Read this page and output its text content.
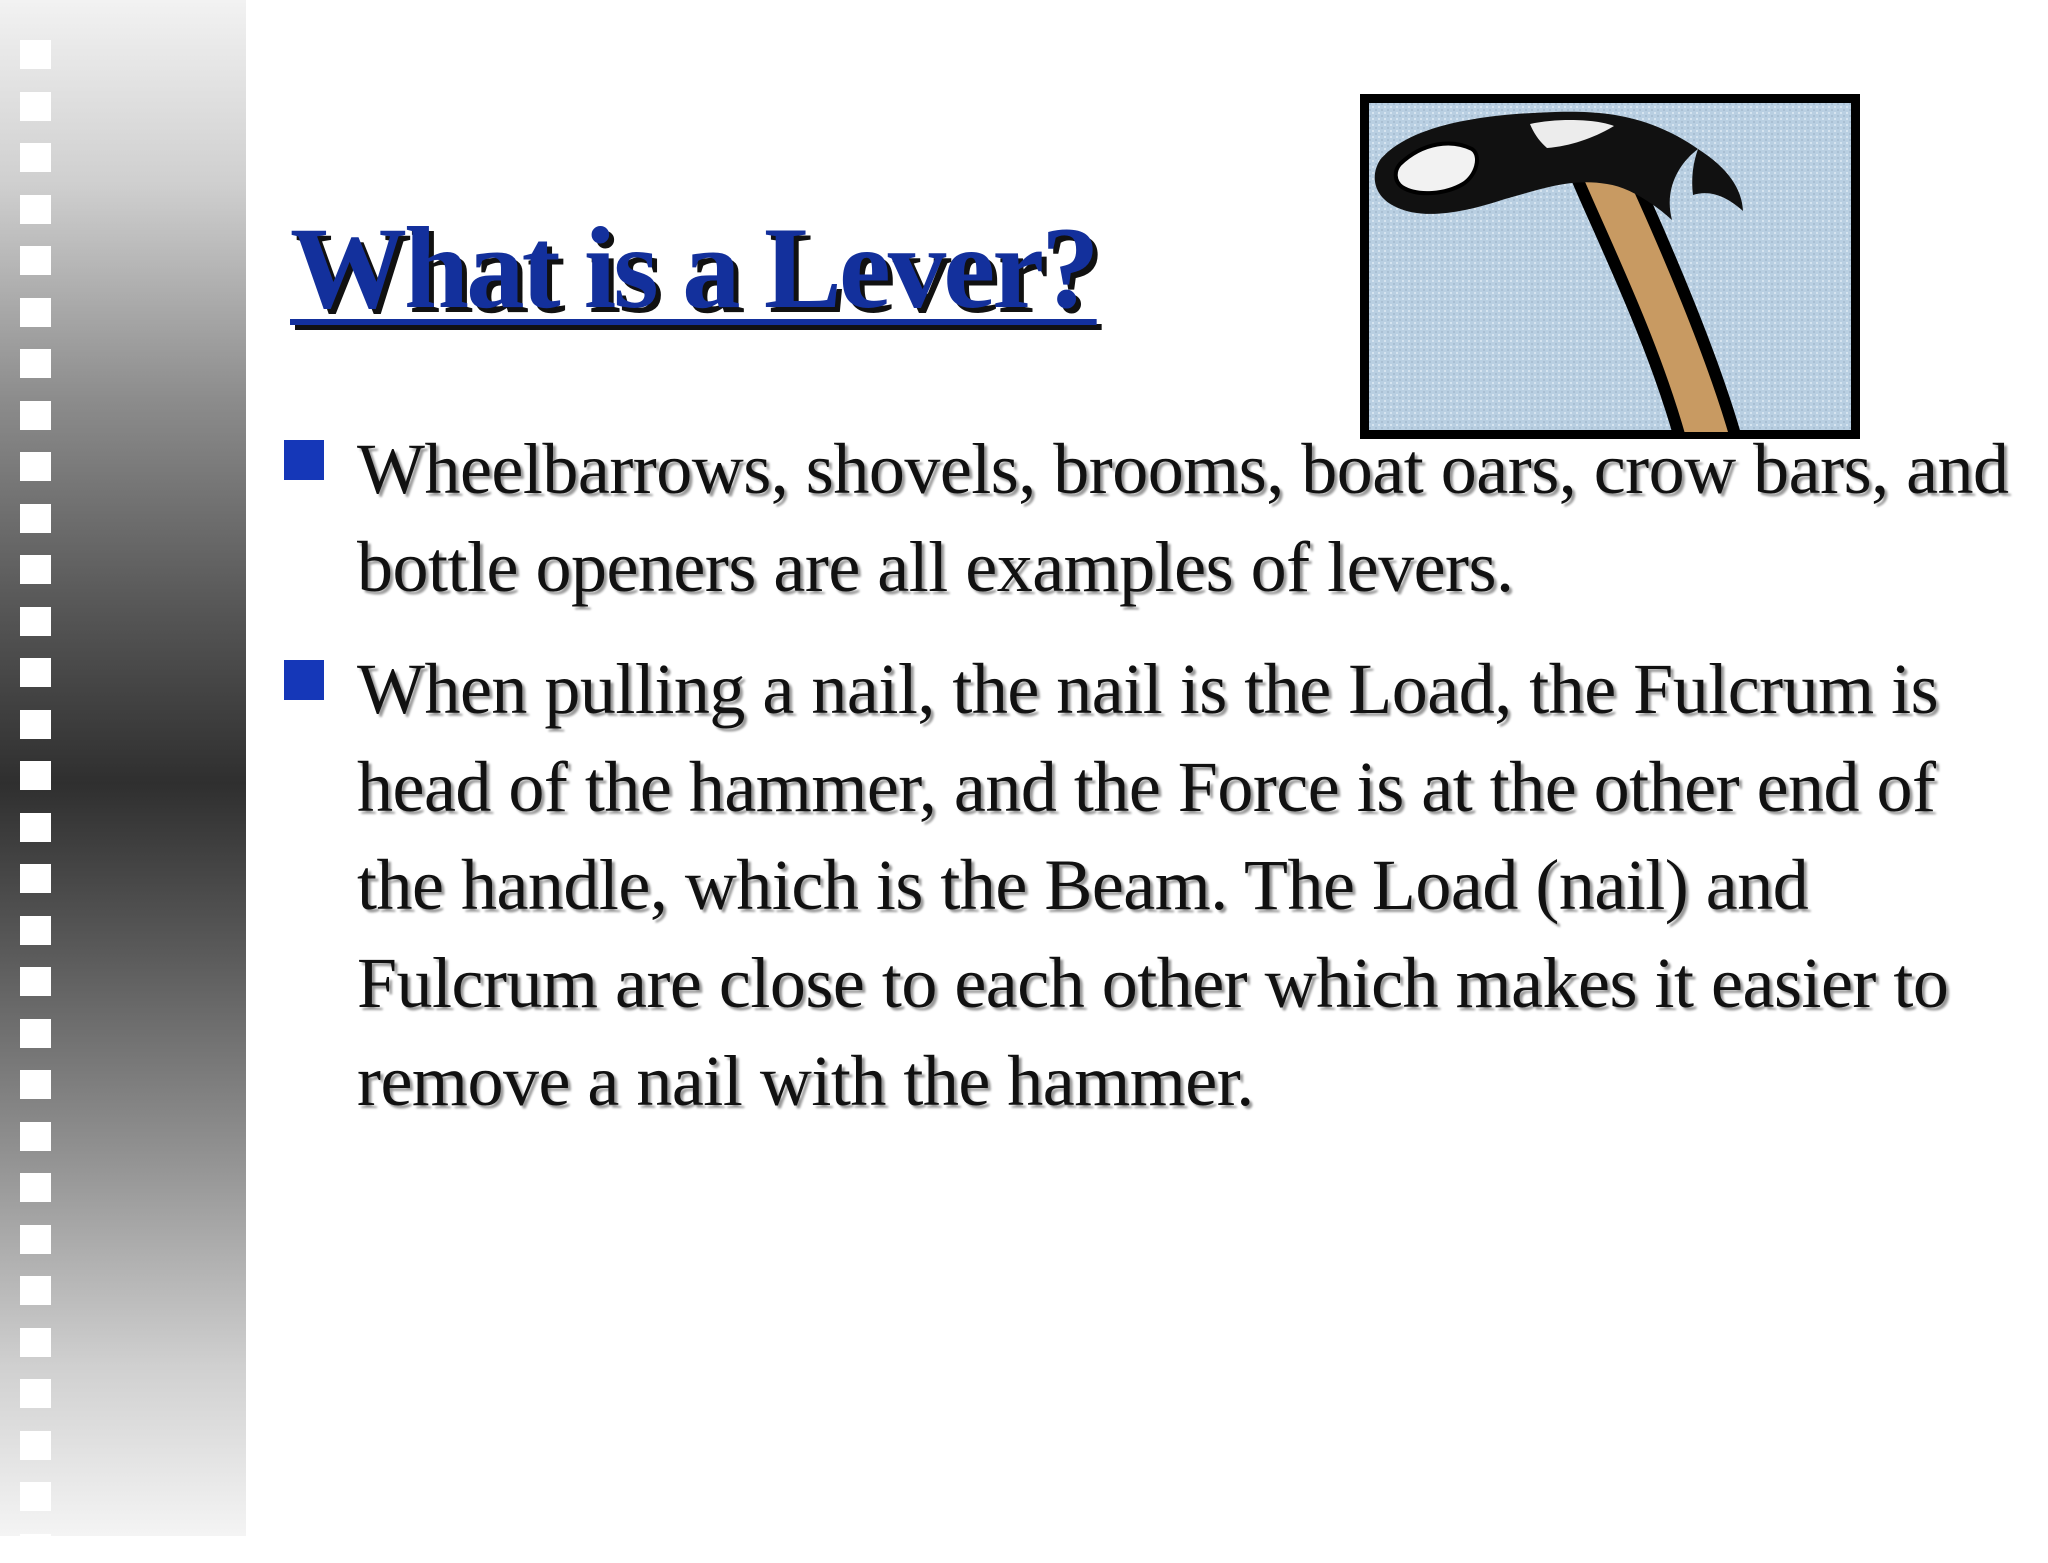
What is a Lever?
Wheelbarrows, shovels, brooms, boat oars, crow bars, and bottle openers are all examples of levers.
When pulling a nail, the nail is the Load, the Fulcrum is head of the hammer, and the Force is at the other end of the handle, which is the Beam. The Load (nail) and Fulcrum are close to each other which makes it easier to remove a nail with the hammer.
